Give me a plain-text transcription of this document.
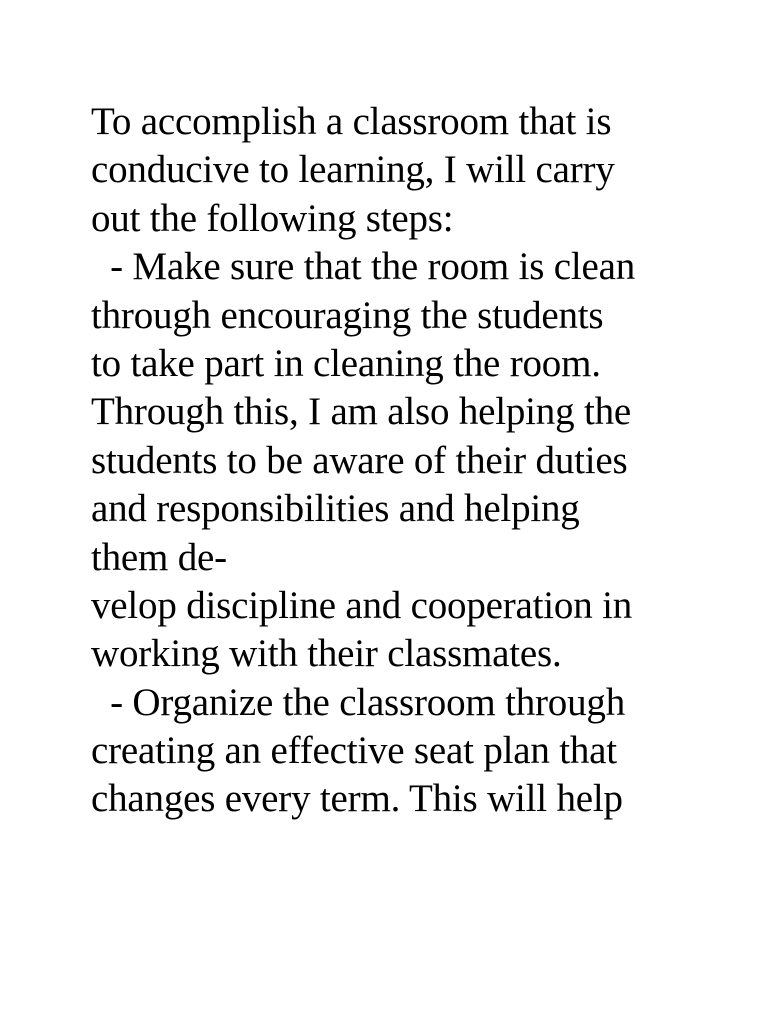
To accomplish a classroom that is
conducive to learning, I will carry
out the following steps:
- Make sure that the room is clean
through encouraging the students
to take part in cleaning the room.
Through this, I am also helping the
students to be aware of their duties
and responsibilities and helping
them de-
velop discipline and cooperation in
working with their classmates.
- Organize the classroom through
creating an effective seat plan that
changes every term. This will help
